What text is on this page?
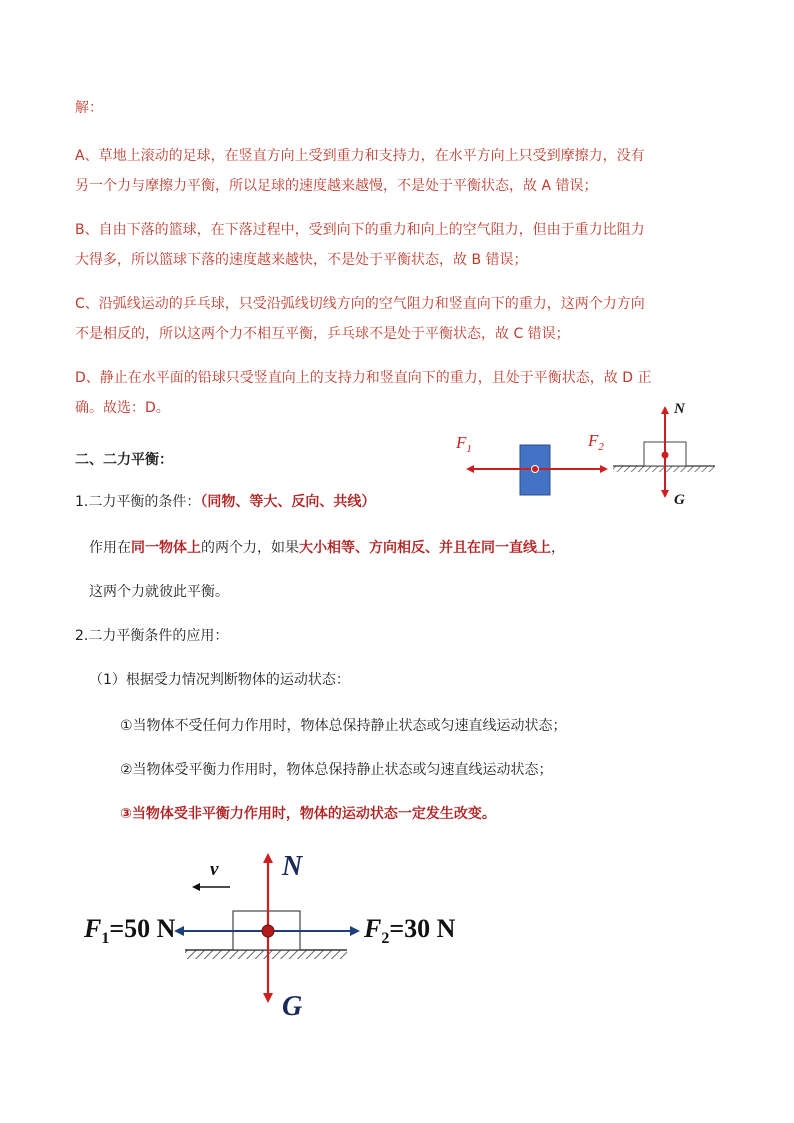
解：
A、草地上滚动的足球，在竖直方向上受到重力和支持力，在水平方向上只受到摩擦力，没有
另一个力与摩擦力平衡，所以足球的速度越来越慢，不是处于平衡状态，故 A 错误；
B、自由下落的篮球，在下落过程中，受到向下的重力和向上的空气阻力，但由于重力比阻力
大得多，所以篮球下落的速度越来越快，不是处于平衡状态，故 B 错误；
C、沿弧线运动的乒乓球，只受沿弧线切线方向的空气阻力和竖直向下的重力，这两个力方向
不是相反的，所以这两个力不相互平衡，乒乓球不是处于平衡状态，故 C 错误；
D、静止在水平面的铅球只受竖直向上的支持力和竖直向下的重力，且处于平衡状态，故 D 正
确。故选：D。
二、二力平衡：
1.二力平衡的条件：（同物、等大、反向、共线）
作用在同一物体上的两个力，如果大小相等、方向相反、并且在同一直线上，
这两个力就彼此平衡。
2.二力平衡条件的应用：
（1）根据受力情况判断物体的运动状态：
①当物体不受任何力作用时，物体总保持静止状态或匀速直线运动状态；
②当物体受平衡力作用时，物体总保持静止状态或匀速直线运动状态；
③当物体受非平衡力作用时，物体的运动状态一定发生改变。
$F_1$	$F_2$
N
G
v N
G
$F_1=50$ N	$F_2=30$ N
